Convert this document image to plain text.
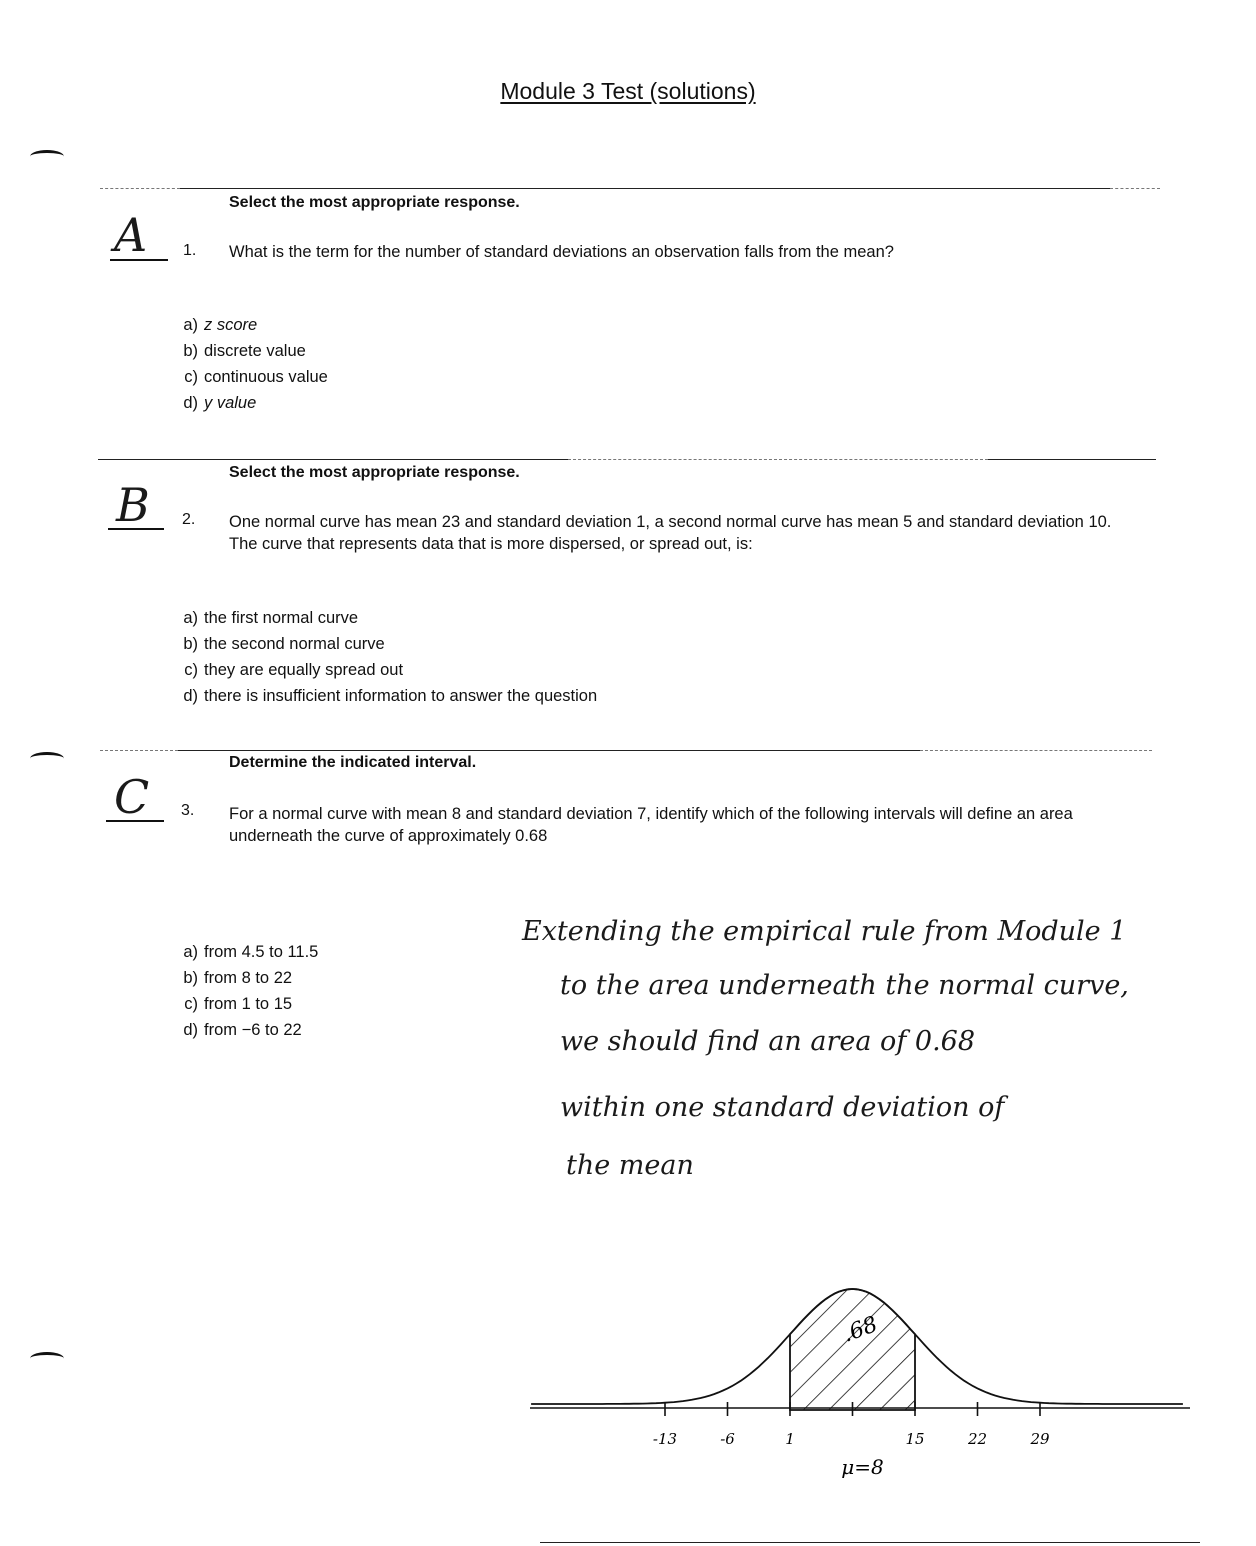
Module 3 Test (solutions)
Select the most appropriate response.
A 1. What is the term for the number of standard deviations an observation falls from the mean?
a) z score
b) discrete value
c) continuous value
d) y value
Select the most appropriate response.
B 2. One normal curve has mean 23 and standard deviation 1, a second normal curve has mean 5 and standard deviation 10. The curve that represents data that is more dispersed, or spread out, is:
a) the first normal curve
b) the second normal curve
c) they are equally spread out
d) there is insufficient information to answer the question
Determine the indicated interval.
C 3. For a normal curve with mean 8 and standard deviation 7, identify which of the following intervals will define an area underneath the curve of approximately 0.68
a) from 4.5 to 11.5
b) from 8 to 22
c) from 1 to 15
d) from −6 to 22
Extending the empirical rule from Module 1
to the area underneath the normal curve,
we should find an area of 0.68
within one standard deviation of
the mean
-13	-6	1	15	22	29
.68
μ=8
